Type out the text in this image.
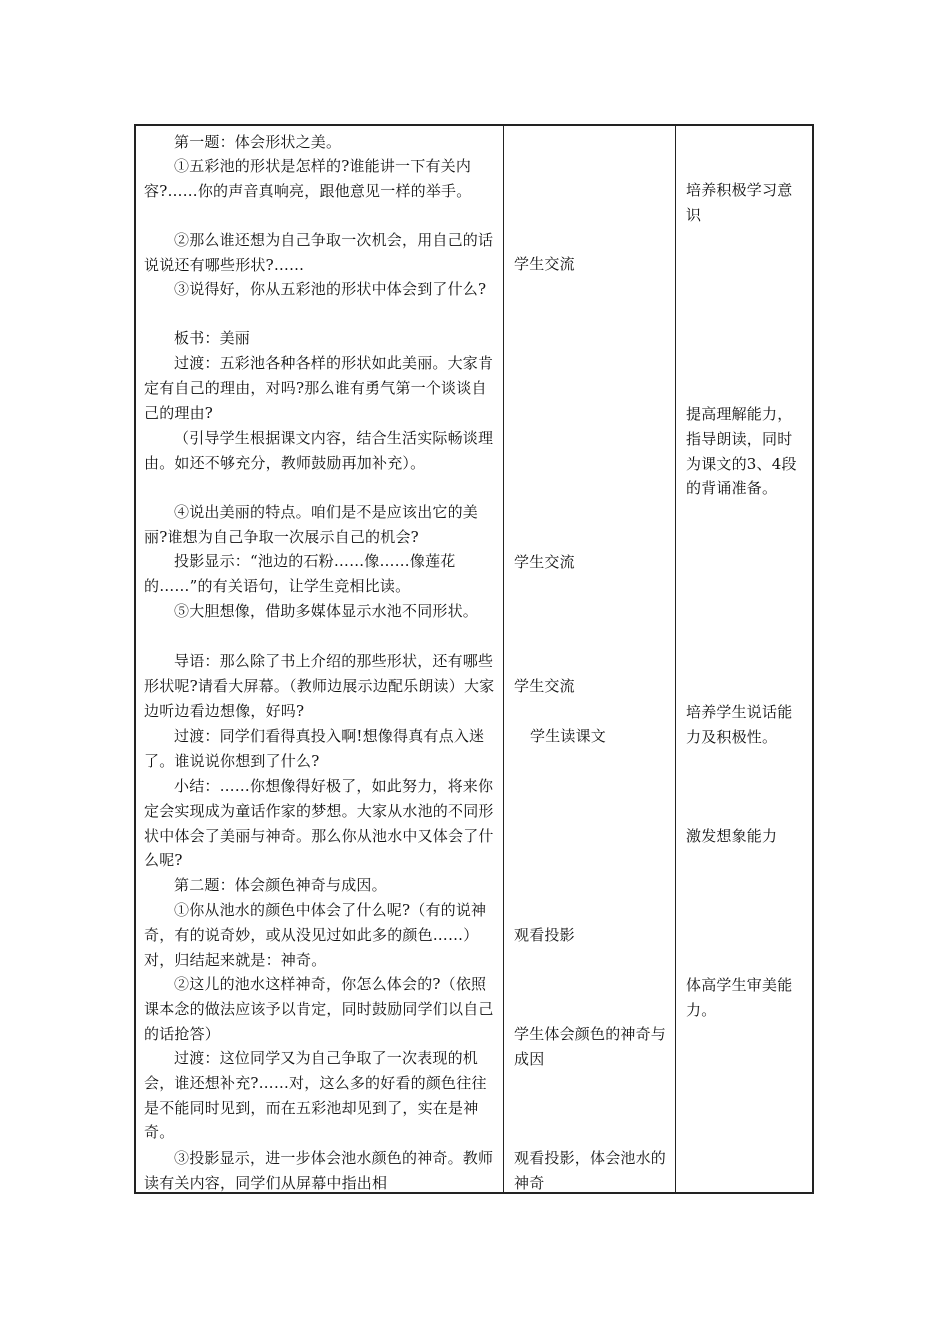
第一题：体会形状之美。

①五彩池的形状是怎样的?谁能讲一下有关内容?……你的声音真响亮，跟他意见一样的举手。

②那么谁还想为自己争取一次机会，用自己的话说说还有哪些形状?……

③说得好，你从五彩池的形状中体会到了什么?

板书：美丽

过渡：五彩池各种各样的形状如此美丽。大家肯定有自己的理由，对吗?那么谁有勇气第一个谈谈自己的理由?

（引导学生根据课文内容，结合生活实际畅谈理由。如还不够充分，教师鼓励再加补充）。

④说出美丽的特点。咱们是不是应该出它的美丽?谁想为自己争取一次展示自己的机会?

投影显示：“池边的石粉……像……像莲花的……”的有关语句，让学生竞相比读。

⑤大胆想像，借助多媒体显示水池不同形状。

导语：那么除了书上介绍的那些形状，还有哪些形状呢?请看大屏幕。（教师边展示边配乐朗读）大家边听边看边想像，好吗?

过渡：同学们看得真投入啊!想像得真有点入迷了。谁说说你想到了什么?

小结：……你想像得好极了，如此努力，将来你定会实现成为童话作家的梦想。大家从水池的不同形状中体会了美丽与神奇。那么你从池水中又体会了什么呢?

第二题：体会颜色神奇与成因。

①你从池水的颜色中体会了什么呢?（有的说神奇，有的说奇妙，或从没见过如此多的颜色……）对，归结起来就是：神奇。

②这儿的池水这样神奇，你怎么体会的?（依照课本念的做法应该予以肯定，同时鼓励同学们以自己的话抢答）

过渡：这位同学又为自己争取了一次表现的机会，谁还想补充?……对，这么多的好看的颜色往往是不能同时见到，而在五彩池却见到了，实在是神奇。

③投影显示，进一步体会池水颜色的神奇。教师读有关内容，同学们从屏幕中指出相

学生交流

学生交流

学生交流

学生读课文

观看投影

学生体会颜色的神奇与成因

观看投影，体会池水的神奇

培养积极学习意识

提高理解能力，指导朗读，同时为课文的3、4段的背诵准备。

培养学生说话能力及积极性。

激发想象能力

体高学生审美能力。
